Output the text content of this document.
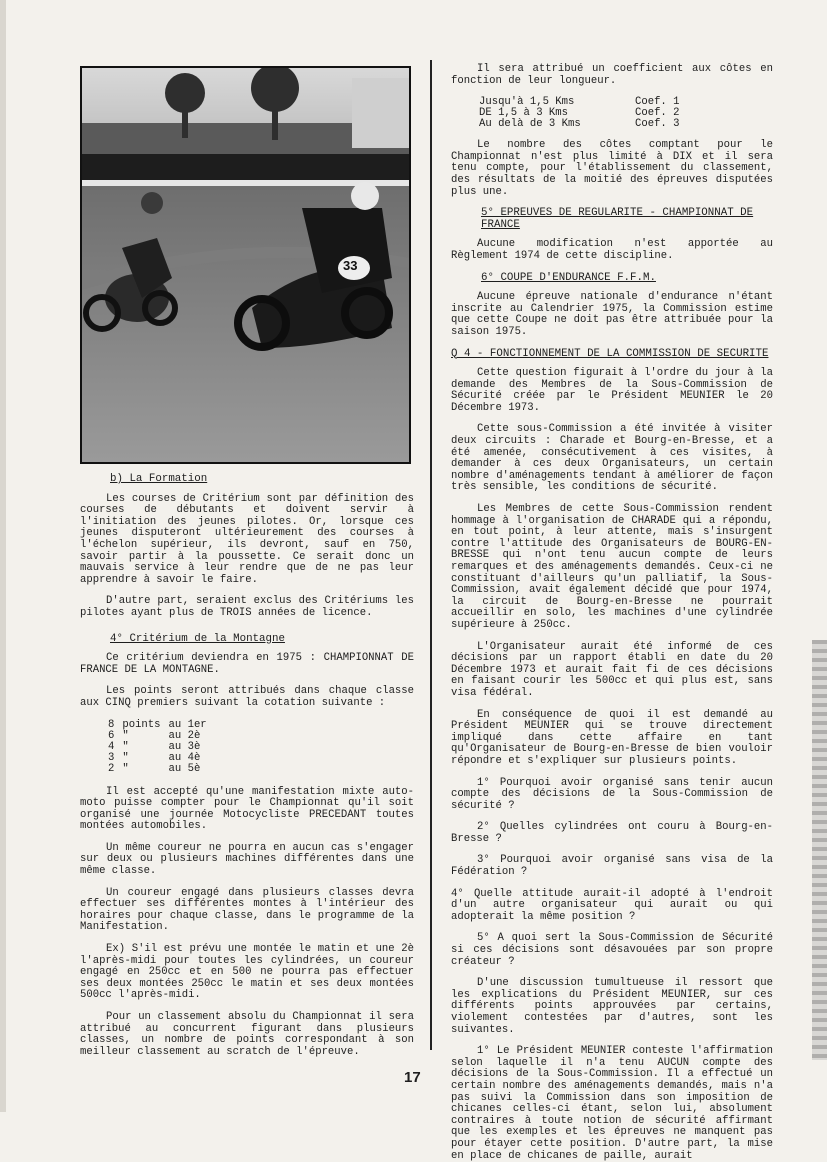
33
b) La Formation

Les courses de Critérium sont par définition des courses de débutants et doivent servir à l'initiation des jeunes pilotes. Or, lorsque ces jeunes disputeront ultérieurement des courses à l'échelon supérieur, ils devront, sauf en 750, savoir partir à la poussette. Ce serait donc un mauvais service à leur rendre que de ne pas leur apprendre à savoir le faire.

D'autre part, seraient exclus des Critériums les pilotes ayant plus de TROIS années de licence.

4° Critérium de la Montagne

Ce critérium deviendra en 1975 : CHAMPIONNAT DE FRANCE DE LA MONTAGNE.

Les points seront attribués dans chaque classe aux CINQ premiers suivant la cotation suivante :

8	points	au 1er
6	"	au 2è
4	"	au 3è
3	"	au 4è
2	"	au 5è

Il est accepté qu'une manifestation mixte auto-moto puisse compter pour le Championnat qu'il soit organisé une journée Motocycliste PRECEDANT toutes montées automobiles.

Un même coureur ne pourra en aucun cas s'engager sur deux ou plusieurs machines différentes dans une même classe.

Un coureur engagé dans plusieurs classes devra effectuer ses différentes montes à l'intérieur des horaires pour chaque classe, dans le programme de la Manifestation.

Ex) S'il est prévu une montée le matin et une 2è l'après-midi pour toutes les cylindrées, un coureur engagé en 250cc et en 500 ne pourra pas effectuer ses deux montées 250cc le matin et ses deux montées 500cc l'après-midi.

Pour un classement absolu du Championnat il sera attribué au concurrent figurant dans plusieurs classes, un nombre de points correspondant à son meilleur classement au scratch de l'épreuve.

Il sera attribué un coefficient aux côtes en fonction de leur longueur.

Jusqu'à 1,5 Kms	Coef. 1
DE 1,5 à 3 Kms	Coef. 2
Au delà de 3 Kms	Coef. 3

Le nombre des côtes comptant pour le Championnat n'est plus limité à DIX et il sera tenu compte, pour l'établissement du classement, des résultats de la moitié des épreuves disputées plus une.

5° EPREUVES DE REGULARITE - CHAMPIONNAT DE FRANCE

Aucune modification n'est apportée au Règlement 1974 de cette discipline.

6° COUPE D'ENDURANCE F.F.M.

Aucune épreuve nationale d'endurance n'étant inscrite au Calendrier 1975, la Commission estime que cette Coupe ne doit pas être attribuée pour la saison 1975.

Q 4 - FONCTIONNEMENT DE LA COMMISSION DE SECURITE

Cette question figurait à l'ordre du jour à la demande des Membres de la Sous-Commission de Sécurité créée par le Président MEUNIER le 20 Décembre 1973.

Cette sous-Commission a été invitée à visiter deux circuits : Charade et Bourg-en-Bresse, et a été amenée, consécutivement à ces visites, à demander à ces deux Organisateurs, un certain nombre d'aménagements tendant à améliorer de façon très sensible, les conditions de sécurité.

Les Membres de cette Sous-Commission rendent hommage à l'organisation de CHARADE qui a répondu, en tout point, à leur attente, mais s'insurgent contre l'attitude des Organisateurs de BOURG-EN-BRESSE qui n'ont tenu aucun compte de leurs remarques et des aménagements demandés. Ceux-ci ne constituant d'ailleurs qu'un palliatif, la Sous-Commission, avait également décidé que pour 1974, la circuit de Bourg-en-Bresse ne pourrait accueillir en solo, les machines d'une cylindrée supérieure à 250cc.

L'Organisateur aurait été informé de ces décisions par un rapport établi en date du 20 Décembre 1973 et aurait fait fi de ces décisions en faisant courir les 500cc et qui plus est, sans visa fédéral.

En conséquence de quoi il est demandé au Président MEUNIER qui se trouve directement impliqué dans cette affaire en tant qu'Organisateur de Bourg-en-Bresse de bien vouloir répondre et s'expliquer sur plusieurs points.

1° Pourquoi avoir organisé sans tenir aucun compte des décisions de la Sous-Commission de sécurité ?

2° Quelles cylindrées ont couru à Bourg-en-Bresse ?

3° Pourquoi avoir organisé sans visa de la Fédération ?

4° Quelle attitude aurait-il adopté à l'endroit d'un autre organisateur qui aurait ou qui adopterait la même position ?

5° A quoi sert la Sous-Commission de Sécurité si ces décisions sont désavouées par son propre créateur ?

D'une discussion tumultueuse il ressort que les explications du Président MEUNIER, sur ces différents points approuvées par certains, violement contestées par d'autres, sont les suivantes.

1° Le Président MEUNIER conteste l'affirmation selon laquelle il n'a tenu AUCUN compte des décisions de la Sous-Commission. Il a effectué un certain nombre des aménagements demandés, mais n'a pas suivi la Commission dans son imposition de chicanes celles-ci étant, selon lui, absolument contraires à toute notion de sécurité affirmant que les exemples et les épreuves ne manquent pas pour étayer cette position. D'autre part, la mise en place de chicanes de paille, aurait

17
